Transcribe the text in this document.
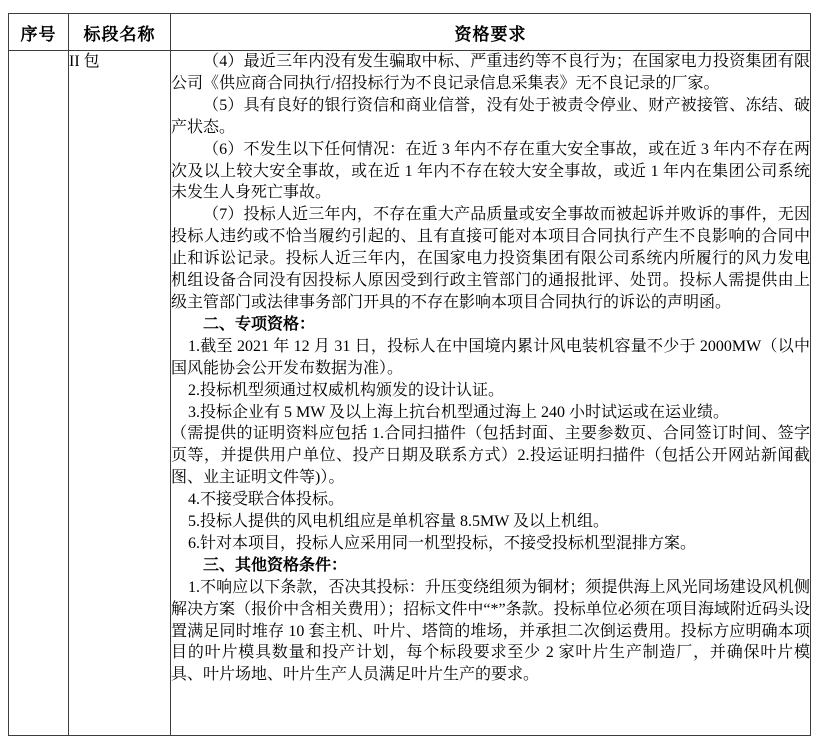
序号	标段名称	资格要求
	II 包	（4）最近三年内没有发生骗取中标、严重违约等不良行为；在国家电力投资集团有限公司《供应商合同执行/招投标行为不良记录信息采集表》无不良记录的厂家。

（5）具有良好的银行资信和商业信誉，没有处于被责令停业、财产被接管、冻结、破产状态。

（6）不发生以下任何情况：在近 3 年内不存在重大安全事故，或在近 3 年内不存在两次及以上较大安全事故，或在近 1 年内不存在较大安全事故，或近 1 年内在集团公司系统未发生人身死亡事故。

（7）投标人近三年内，不存在重大产品质量或安全事故而被起诉并败诉的事件，无因投标人违约或不恰当履约引起的、且有直接可能对本项目合同执行产生不良影响的合同中止和诉讼记录。投标人近三年内，在国家电力投资集团有限公司系统内所履行的风力发电机组设备合同没有因投标人原因受到行政主管部门的通报批评、处罚。投标人需提供由上级主管部门或法律事务部门开具的不存在影响本项目合同执行的诉讼的声明函。

二、专项资格：

1.截至 2021 年 12 月 31 日，投标人在中国境内累计风电装机容量不少于 2000MW（以中国风能协会公开发布数据为准）。

2.投标机型须通过权威机构颁发的设计认证。

3.投标企业有 5 MW 及以上海上抗台机型通过海上 240 小时试运或在运业绩。

（需提供的证明资料应包括 1.合同扫描件（包括封面、主要参数页、合同签订时间、签字页等，并提供用户单位、投产日期及联系方式）2.投运证明扫描件（包括公开网站新闻截图、业主证明文件等)）。

4.不接受联合体投标。

5.投标人提供的风电机组应是单机容量 8.5MW 及以上机组。

6.针对本项目，投标人应采用同一机型投标，不接受投标机型混排方案。

三、其他资格条件：

1.不响应以下条款，否决其投标：升压变绕组须为铜材；须提供海上风光同场建设风机侧解决方案（报价中含相关费用）；招标文件中“*”条款。投标单位必须在项目海域附近码头设置满足同时堆存 10 套主机、叶片、塔筒的堆场，并承担二次倒运费用。投标方应明确本项目的叶片模具数量和投产计划，每个标段要求至少 2 家叶片生产制造厂，并确保叶片模具、叶片场地、叶片生产人员满足叶片生产的要求。
